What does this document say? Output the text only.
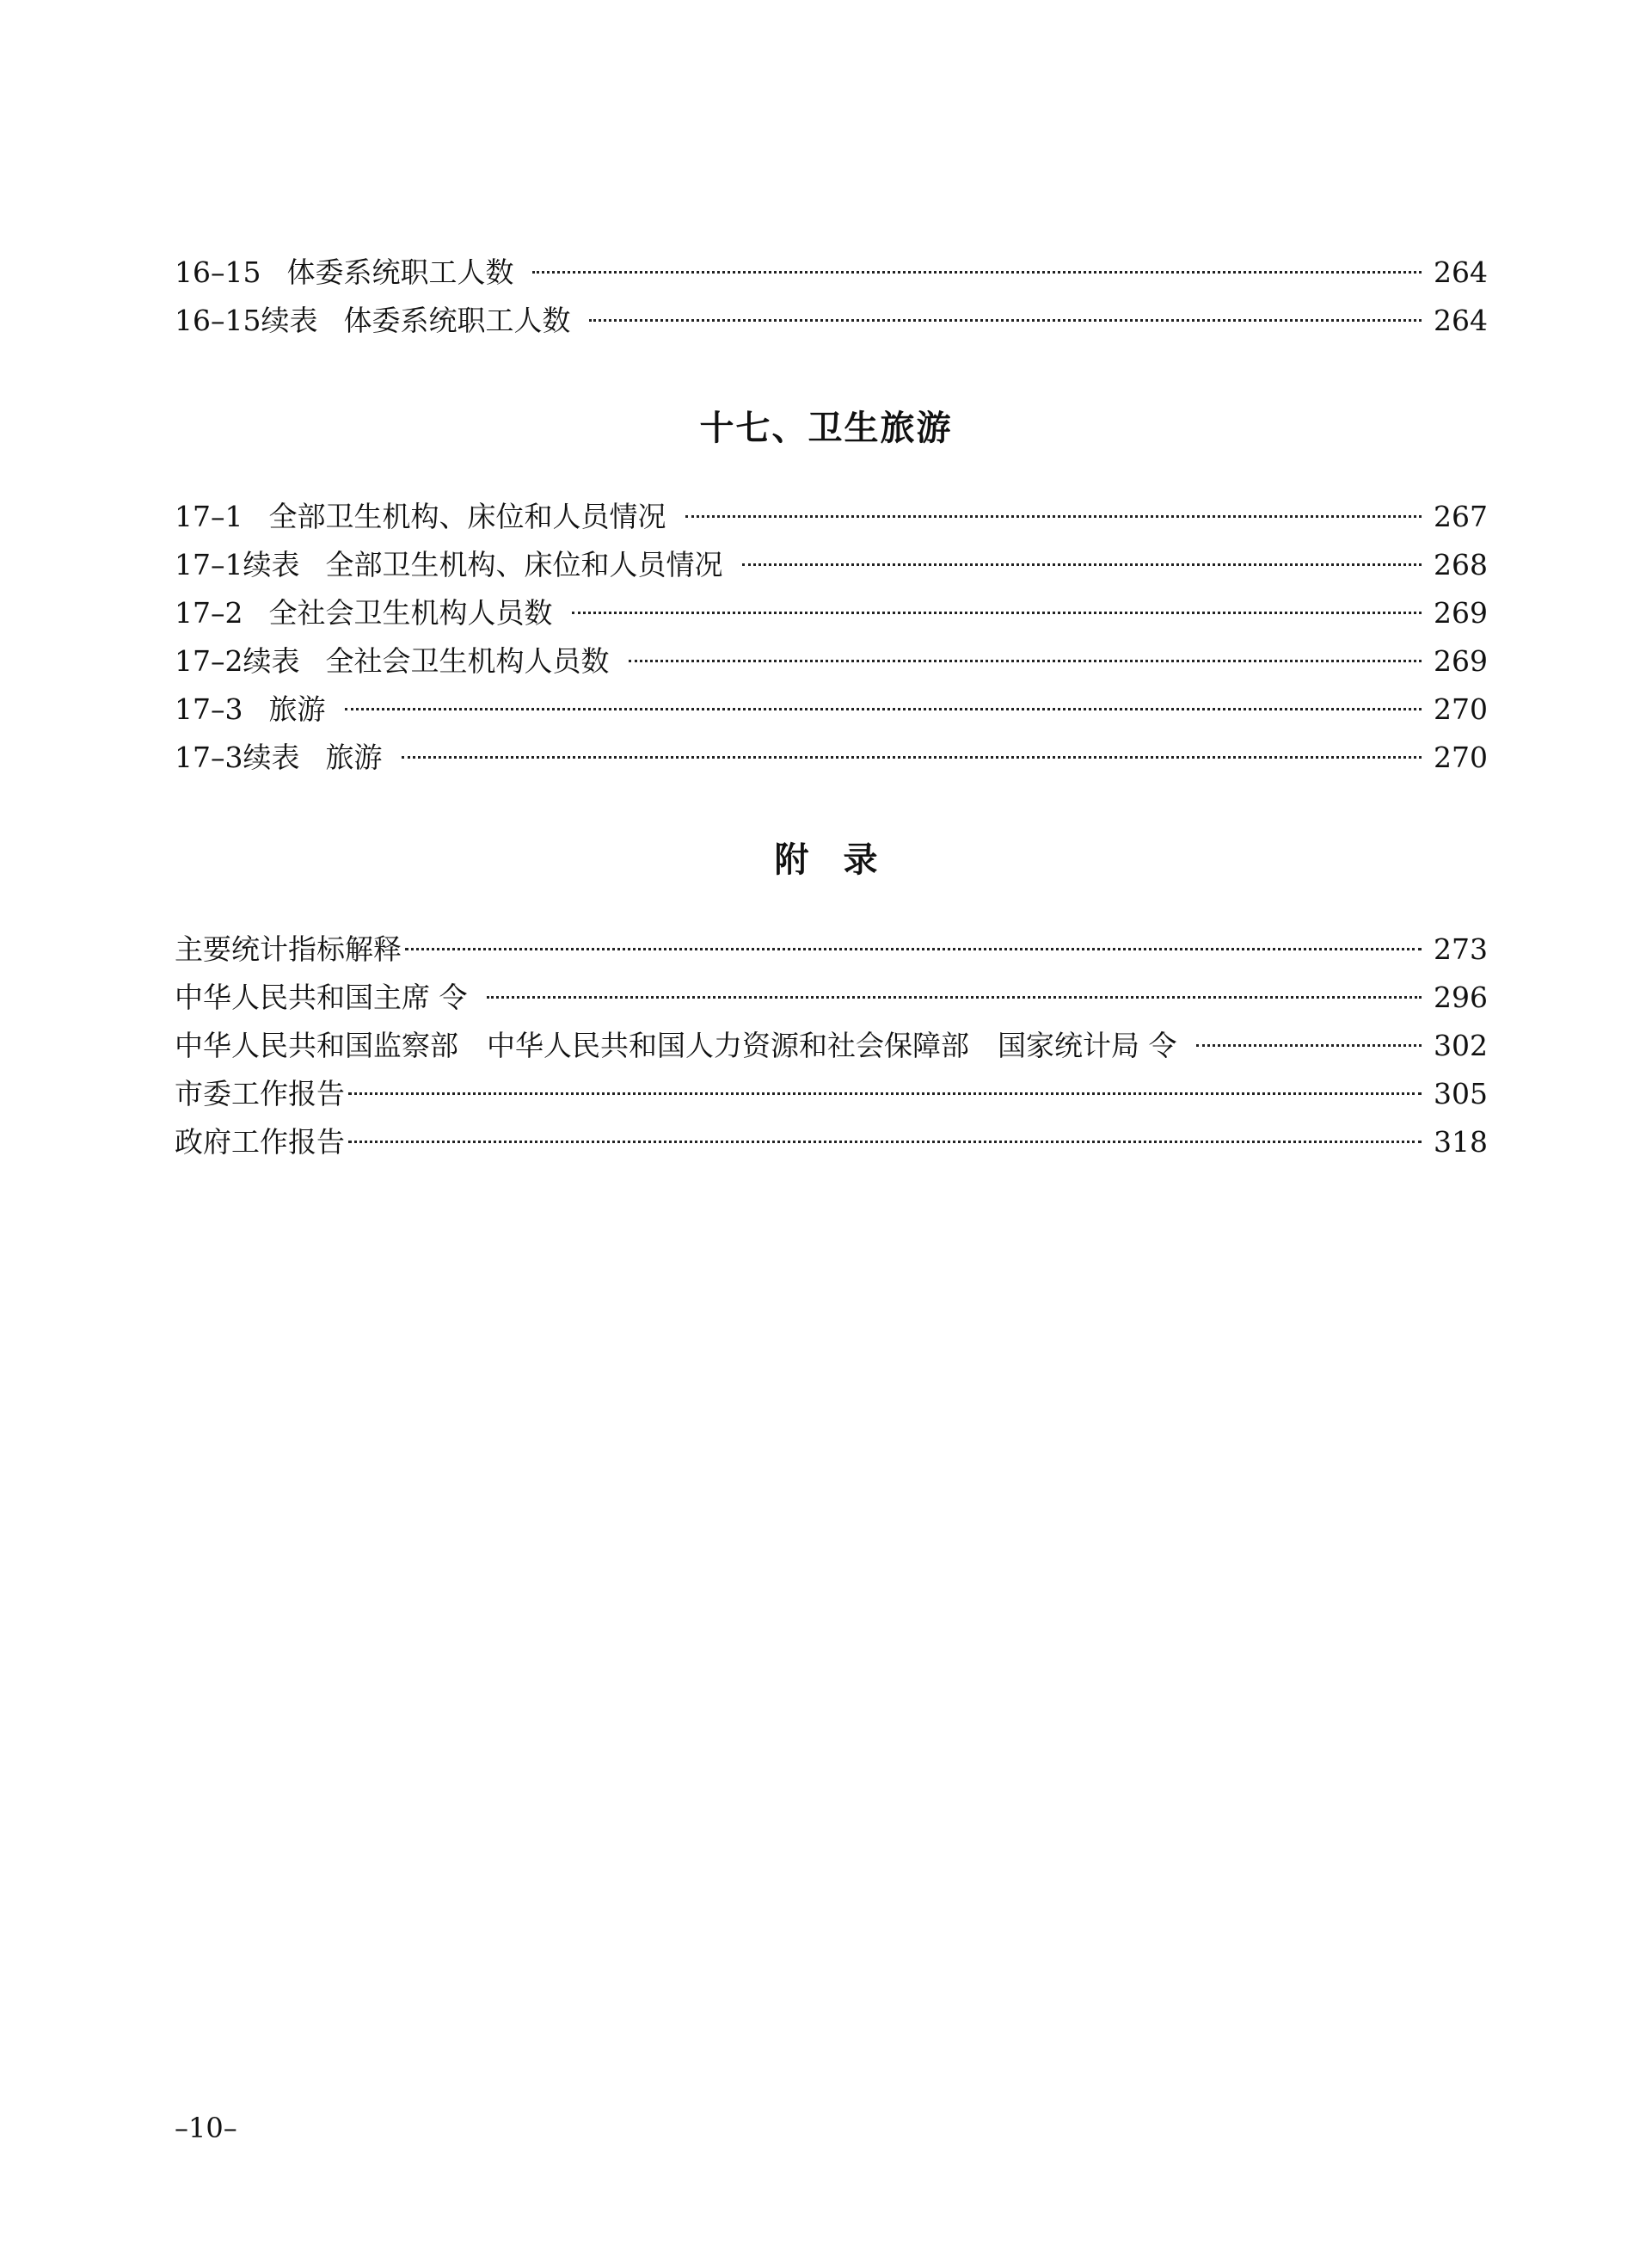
16–15 体委系统职工人数	264
16–15续表 体委系统职工人数	264
十七、卫生旅游
17–1 全部卫生机构、床位和人员情况	267
17–1续表 全部卫生机构、床位和人员情况	268
17–2 全社会卫生机构人员数	269
17–2续表 全社会卫生机构人员数	269
17–3 旅游	270
17–3续表 旅游	270
附录
主要统计指标解释	273
中华人民共和国主席 令	296
中华人民共和国监察部　中华人民共和国人力资源和社会保障部　国家统计局 令	302
市委工作报告	305
政府工作报告	318
–10–
